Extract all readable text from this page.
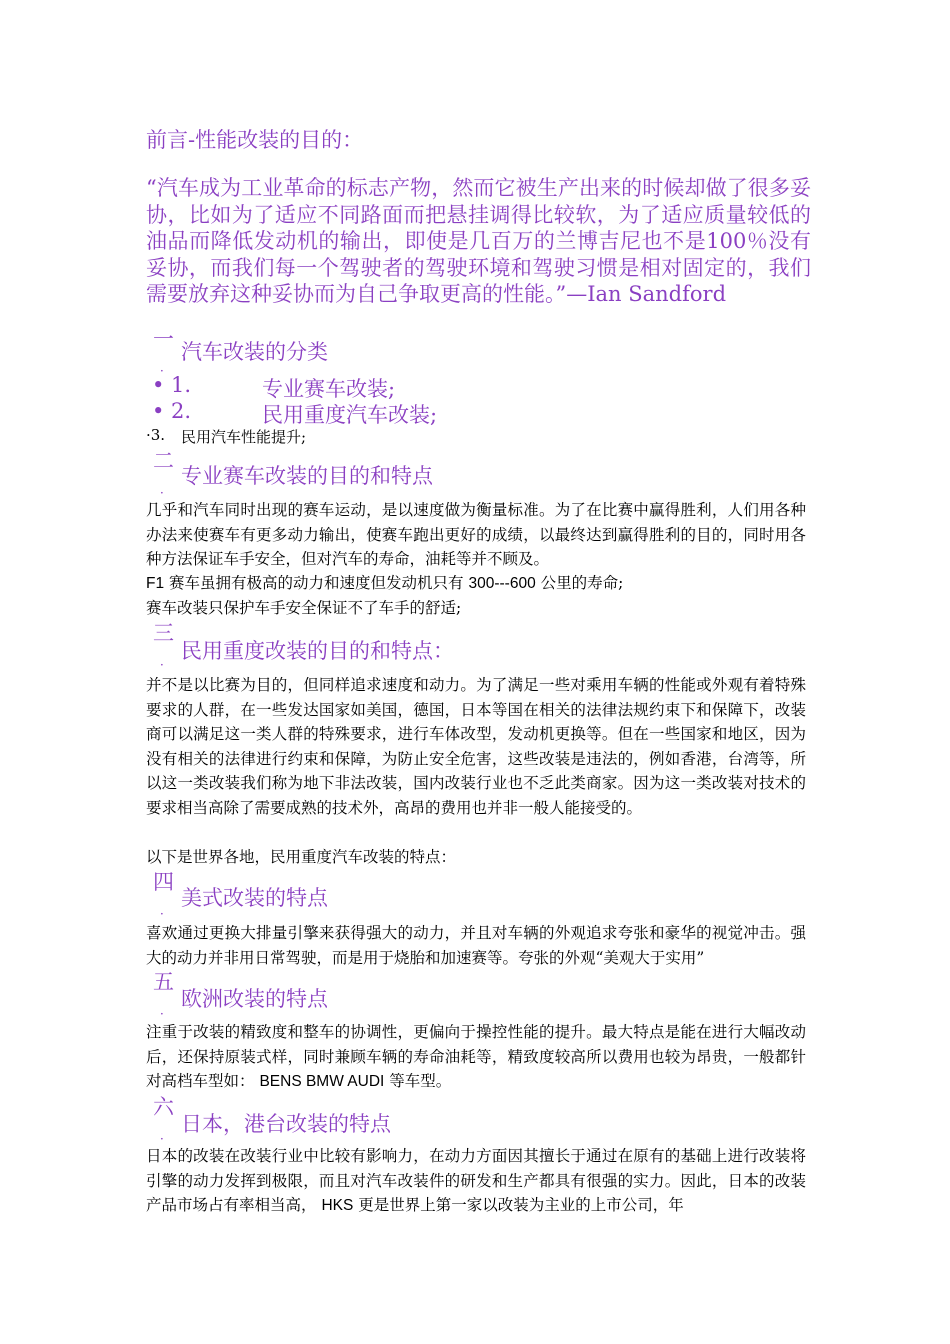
前言-性能改装的目的：
“汽车成为工业革命的标志产物，然而它被生产出来的时候却做了很多妥协，比如为了适应不同路面而把悬挂调得比较软，为了适应质量较低的油品而降低发动机的输出，即使是几百万的兰博吉尼也不是100％没有妥协，而我们每一个驾驶者的驾驶环境和驾驶习惯是相对固定的，我们需要放弃这种妥协而为自己争取更高的性能。”—Ian Sandford
一
．
汽车改装的分类
• 1.	专业赛车改装;
• 2.	民用重度汽车改装;
·3. 民用汽车性能提升;
二
．
专业赛车改装的目的和特点
几乎和汽车同时出现的赛车运动，是以速度做为衡量标准。为了在比赛中赢得胜利，人们用各种办法来使赛车有更多动力输出，使赛车跑出更好的成绩，以最终达到赢得胜利的目的，同时用各种方法保证车手安全，但对汽车的寿命，油耗等并不顾及。
F1 赛车虽拥有极高的动力和速度但发动机只有 300---600 公里的寿命;
赛车改装只保护车手安全保证不了车手的舒适;
三
． 民用重度改装的目的和特点：
并不是以比赛为目的，但同样追求速度和动力。为了满足一些对乘用车辆的性能或外观有着特殊要求的人群，在一些发达国家如美国，德国，日本等国在相关的法律法规约束下和保障下，改装商可以满足这一类人群的特殊要求，进行车体改型，发动机更换等。但在一些国家和地区，因为没有相关的法律进行约束和保障，为防止安全危害，这些改装是违法的，例如香港，台湾等，所以这一类改装我们称为地下非法改装，国内改装行业也不乏此类商家。因为这一类改装对技术的要求相当高除了需要成熟的技术外，高昂的费用也并非一般人能接受的。
以下是世界各地，民用重度汽车改装的特点：
四
． 美式改装的特点
喜欢通过更换大排量引擎来获得强大的动力，并且对车辆的外观追求夸张和豪华的视觉冲击。强大的动力并非用日常驾驶，而是用于烧胎和加速赛等。夸张的外观“美观大于实用”
五
． 欧洲改装的特点
注重于改装的精致度和整车的协调性，更偏向于操控性能的提升。最大特点是能在进行大幅改动后，还保持原装式样，同时兼顾车辆的寿命油耗等，精致度较高所以费用也较为昂贵，一般都针对高档车型如： BENS BMW AUDI 等车型。
六
． 日本，港台改装的特点
日本的改装在改装行业中比较有影响力，在动力方面因其擅长于通过在原有的基础上进行改装将引擎的动力发挥到极限，而且对汽车改装件的研发和生产都具有很强的实力。因此，日本的改装产品市场占有率相当高， HKS 更是世界上第一家以改装为主业的上市公司，年
